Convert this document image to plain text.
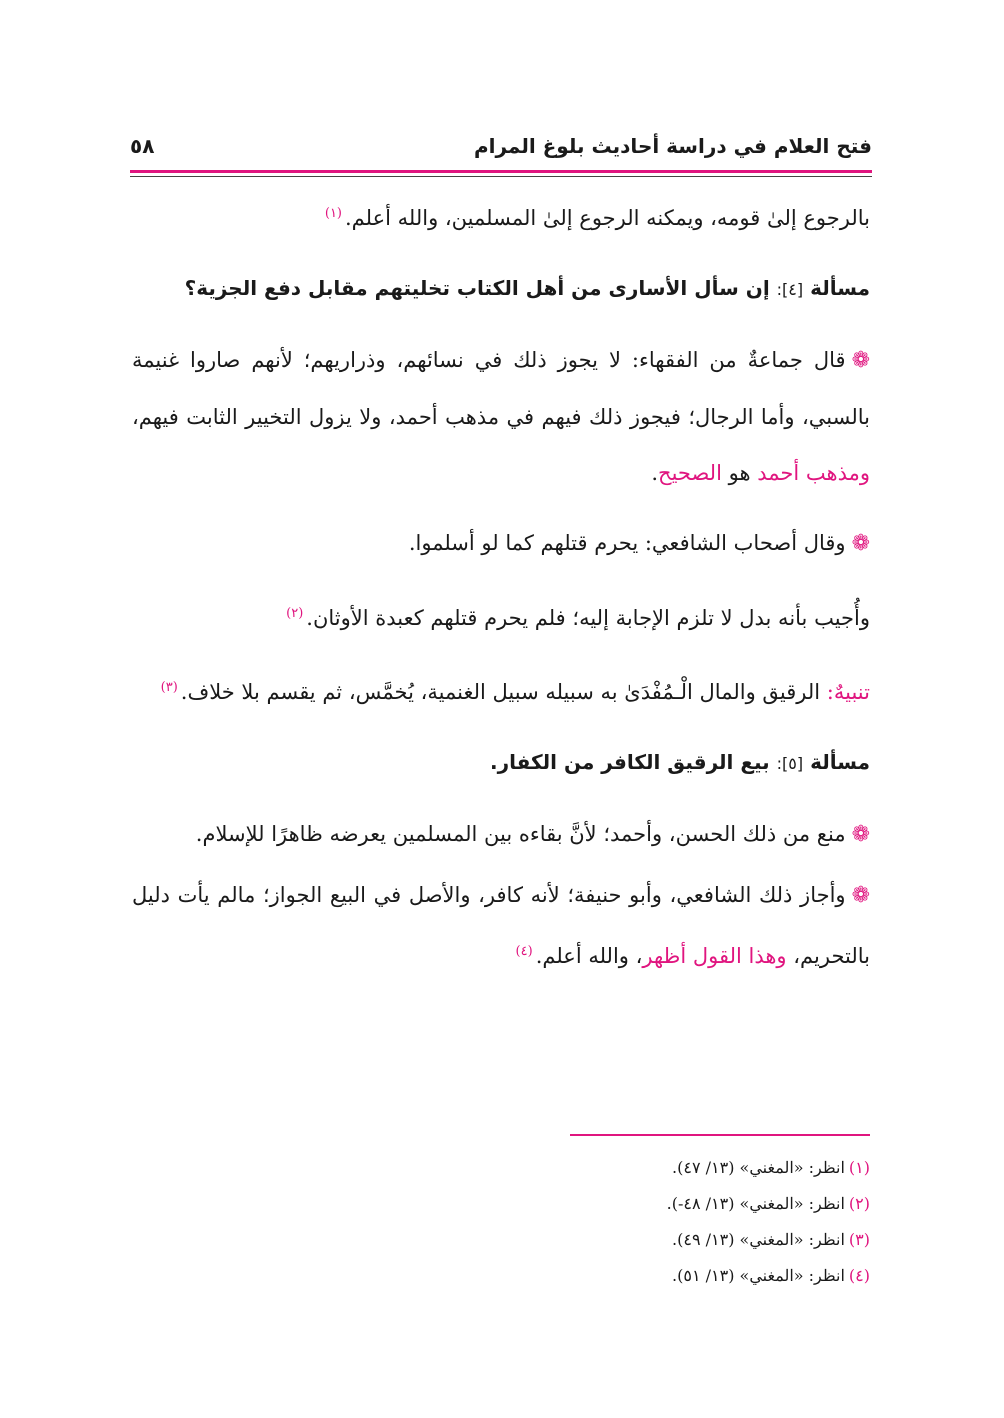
٥٨	فتح العلام في دراسة أحاديث بلوغ المرام

بالرجوع إلىٰ قومه، ويمكنه الرجوع إلىٰ المسلمين، والله أعلم.$^{(١)}$

مسألة [٤]: إن سأل الأسارى من أهل الكتاب تخليتهم مقابل دفع الجزية؟

❁قال جماعةٌ من الفقهاء: لا يجوز ذلك في نسائهم، وذراريهم؛ لأنهم صاروا غنيمة بالسبي، وأما الرجال؛ فيجوز ذلك فيهم في مذهب أحمد، ولا يزول التخيير الثابت فيهم، ومذهب أحمد هو الصحيح.

❁وقال أصحاب الشافعي: يحرم قتلهم كما لو أسلموا.

وأُجيب بأنه بدل لا تلزم الإجابة إليه؛ فلم يحرم قتلهم كعبدة الأوثان.$^{(٢)}$

تنبيهٌ: الرقيق والمال الْـمُفْدَىٰ به سبيله سبيل الغنمية، يُخمَّس، ثم يقسم بلا خلاف.$^{(٣)}$

مسألة [٥]: بيع الرقيق الكافر من الكفار.

❁منع من ذلك الحسن، وأحمد؛ لأنَّ بقاءه بين المسلمين يعرضه ظاهرًا للإسلام.

❁وأجاز ذلك الشافعي، وأبو حنيفة؛ لأنه كافر، والأصل في البيع الجواز؛ مالم يأت دليل بالتحريم، وهذا القول أظهر، والله أعلم.$^{(٤)}$

(١)انظر: «المغني» (١٣/ ٤٧).
(٢)انظر: «المغني» (١٣/ ٤٨-).
(٣)انظر: «المغني» (١٣/ ٤٩).
(٤)انظر: «المغني» (١٣/ ٥١).
